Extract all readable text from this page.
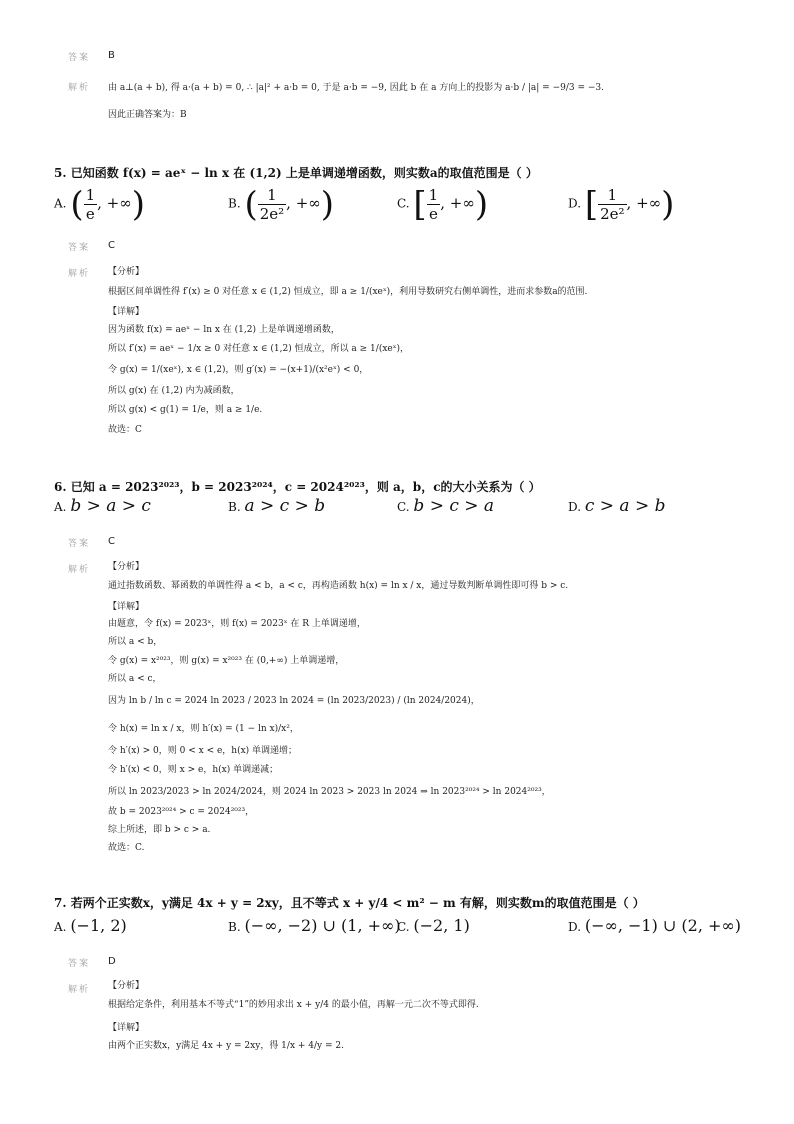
答案 B
解析 由 a⊥(a + b), 得 a·(a + b) = 0, ∴ |a|² + a·b = 0, 于是 a·b = −9, 因此 b 在 a 方向上的投影为 a·b / |a| = −9/3 = −3.
因此正确答案为：B
5. 已知函数 f(x) = aeˣ − ln x 在 (1,2) 上是单调递增函数，则实数a的取值范围是（ ）
A. ( $\frac{1}{e}$ , +∞)	B. ( $\frac{1}{\text{2e²}}$ , +∞)	C. [ $\frac{1}{e}$ , +∞)	D. [ $\frac{1}{\text{2e²}}$ , +∞)
答案 C
解析 【分析】
根据区间单调性得 f′(x) ≥ 0 对任意 x ∈ (1,2) 恒成立，即 a ≥ 1/(xeˣ)，利用导数研究右侧单调性，进而求参数a的范围.
【详解】
因为函数 f(x) = aeˣ − ln x 在 (1,2) 上是单调递增函数，
所以 f′(x) = aeˣ − 1/x ≥ 0 对任意 x ∈ (1,2) 恒成立，所以 a ≥ 1/(xeˣ)，
令 g(x) = 1/(xeˣ), x ∈ (1,2)，则 g′(x) = −(x+1)/(x²eˣ) < 0，
所以 g(x) 在 (1,2) 内为减函数，
所以 g(x) < g(1) = 1/e，则 a ≥ 1/e.
故选：C
6. 已知 a = 2023²⁰²³，b = 2023²⁰²⁴，c = 2024²⁰²³，则 a，b，c的大小关系为（ ）
A. b > a > c	B. a > c > b	C. b > c > a	D. c > a > b
答案 C
解析 【分析】
通过指数函数、幂函数的单调性得 a < b，a < c，再构造函数 h(x) = ln x / x，通过导数判断单调性即可得 b > c.
【详解】
由题意，令 f(x) = 2023ˣ，则 f(x) = 2023ˣ 在 R 上单调递增，
所以 a < b，
令 g(x) = x²⁰²³，则 g(x) = x²⁰²³ 在 (0,+∞) 上单调递增，
所以 a < c，
因为 ln b / ln c = 2024 ln 2023 / 2023 ln 2024 = (ln 2023/2023) / (ln 2024/2024)，
令 h(x) = ln x / x，则 h′(x) = (1 − ln x)/x²，
令 h′(x) > 0，则 0 < x < e，h(x) 单调递增；
令 h′(x) < 0，则 x > e，h(x) 单调递减；
所以 ln 2023/2023 > ln 2024/2024，则 2024 ln 2023 > 2023 ln 2024 ⇒ ln 2023²⁰²⁴ > ln 2024²⁰²³，
故 b = 2023²⁰²⁴ > c = 2024²⁰²³，
综上所述，即 b > c > a.
故选：C.
7. 若两个正实数x，y满足 4x + y = 2xy，且不等式 x + y/4 < m² − m 有解，则实数m的取值范围是（ ）
A. (−1, 2)	B. (−∞, −2) ∪ (1, +∞)
C. (−2, 1)	D. (−∞, −1) ∪ (2, +∞)
答案 D
解析 【分析】
根据给定条件，利用基本不等式“1”的妙用求出 x + y/4 的最小值，再解一元二次不等式即得.
【详解】
由两个正实数x，y满足 4x + y = 2xy，得 1/x + 4/y = 2.
